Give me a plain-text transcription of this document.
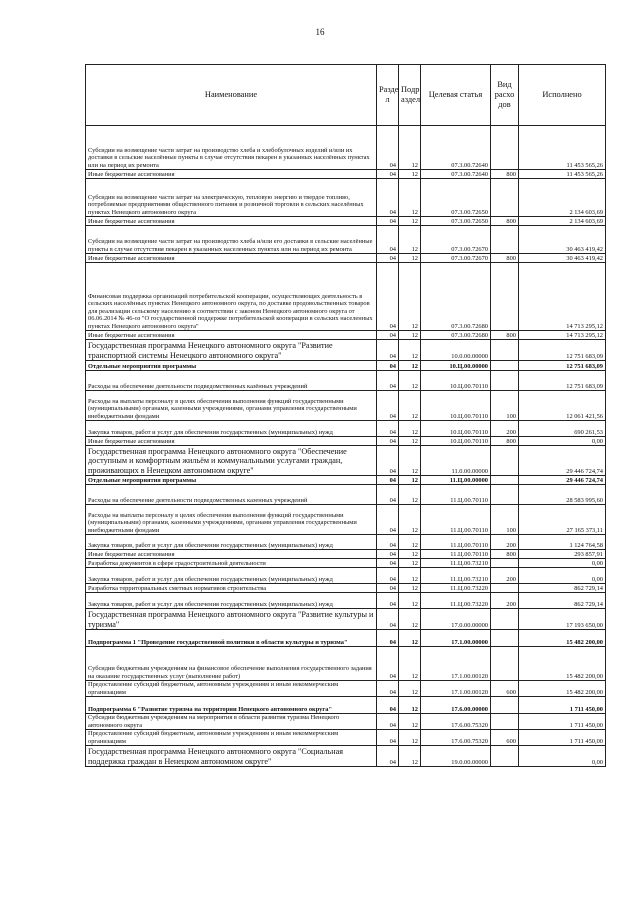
16
Наименование	Разде л	Подр аздел	Целевая статья	Вид расхо дов	Исполнено
Субсидии на возмещение части затрат на производство хлеба и хлебобулочных изделий и/или их доставки в сельские населённые пункты в случае отсутствия пекарен в указанных населённых пунктах или на период их ремонта	04	12	07.3.00.72640		11 453 565,26
Иные бюджетные ассигнования	04	12	07.3.00.72640	800	11 453 565,26
Субсидии на возмещение части затрат на электрическую, тепловую энергию и твердое топливо, потребляемые предприятиями общественного питания и розничной торговли в сельских населённых пунктах Ненецкого автономного округа	04	12	07.3.00.72650		2 134 603,69
Иные бюджетные ассигнования	04	12	07.3.00.72650	800	2 134 603,69
Субсидии на возмещение части затрат на производство хлеба и/или его доставки в сельские населённые пункты в случае отсутствия пекарен в указанных населенных пунктах или на период их ремонта	04	12	07.3.00.72670		30 463 419,42
Иные бюджетные ассигнования	04	12	07.3.00.72670	800	30 463 419,42
Финансовая поддержка организаций потребительской кооперации, осуществляющих деятельность в сельских населённых пунктах Ненецкого автономного округа, по доставке продовольственных товаров для реализации сельскому населению в соответствии с законом Ненецкого автономного округа от 06.06.2014 № 46-оз "О государственной поддержке потребительской кооперации в сельских населенных пунктах Ненецкого автономного округа"	04	12	07.3.00.72680		14 713 295,12
Иные бюджетные ассигнования	04	12	07.3.00.72680	800	14 713 295,12
Государственная программа Ненецкого автономного округа "Развитие транспортной системы Ненецкого автономного округа"	04	12	10.0.00.00000		12 751 683,09
Отдельные мероприятия программы	04	12	10.Ц.00.00000		12 751 683,09
Расходы на обеспечение деятельности подведомственных казённых учреждений	04	12	10.Ц.00.70110		12 751 683,09
Расходы на выплаты персоналу в целях обеспечения выполнения функций государственными (муниципальными) органами, казенными учреждениями, органами управления государственными внебюджетными фондами	04	12	10.Ц.00.70110	100	12 061 421,56
Закупка товаров, работ и услуг для обеспечения государственных (муниципальных) нужд	04	12	10.Ц.00.70110	200	690 261,53
Иные бюджетные ассигнования	04	12	10.Ц.00.70110	800	0,00
Государственная программа Ненецкого автономного округа "Обеспечение доступным и комфортным жильём и коммунальными услугами граждан, проживающих в Ненецком автономном округе"	04	12	11.0.00.00000		29 446 724,74
Отдельные мероприятия программы	04	12	11.Ц.00.00000		29 446 724,74
Расходы на обеспечение деятельности подведомственных казенных учреждений	04	12	11.Ц.00.70110		28 583 995,60
Расходы на выплаты персоналу в целях обеспечения выполнения функций государственными (муниципальными) органами, казенными учреждениями, органами управления государственными внебюджетными фондами	04	12	11.Ц.00.70110	100	27 165 373,11
Закупка товаров, работ и услуг для обеспечения государственных (муниципальных) нужд	04	12	11.Ц.00.70110	200	1 124 764,58
Иные бюджетные ассигнования	04	12	11.Ц.00.70110	800	293 857,91
Разработка документов в сфере градостроительной деятельности	04	12	11.Ц.00.73210		0,00
Закупка товаров, работ и услуг для обеспечения государственных (муниципальных) нужд	04	12	11.Ц.00.73210	200	0,00
Разработка территориальных сметных нормативов строительства	04	12	11.Ц.00.73220		862 729,14
Закупка товаров, работ и услуг для обеспечения государственных (муниципальных) нужд	04	12	11.Ц.00.73220	200	862 729,14
Государственная программа Ненецкого автономного округа "Развитие культуры и туризма"	04	12	17.0.00.00000		17 193 650,00
Подпрограмма 1 "Проведение государственной политики в области культуры и туризма"	04	12	17.1.00.00000		15 482 200,00
Субсидии бюджетным учреждениям на финансовое обеспечение выполнения государственного задания на оказание государственных услуг (выполнение работ)	04	12	17.1.00.00120		15 482 200,00
Предоставление субсидий бюджетным, автономным учреждениям и иным некоммерческим организациям	04	12	17.1.00.00120	600	15 482 200,00
Подпрограмма 6 "Развитие туризма на территории Ненецкого автономного округа"	04	12	17.6.00.00000		1 711 450,00
Субсидии бюджетным учреждениям на мероприятия в области развития туризма Ненецкого автономного округа	04	12	17.6.00.75320		1 711 450,00
Предоставление субсидий бюджетным, автономным учреждениям и иным некоммерческим организациям	04	12	17.6.00.75320	600	1 711 450,00
Государственная программа Ненецкого автономного округа "Социальная поддержка граждан в Ненецком автономном округе"	04	12	19.0.00.00000		0,00
